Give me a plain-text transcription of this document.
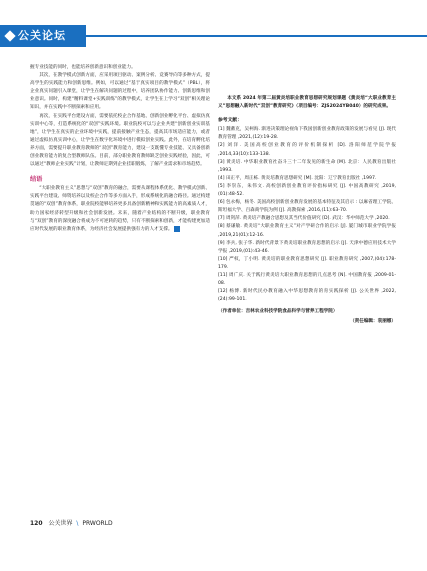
公关论坛

握专业技能的同时，也能培养创新意识和创业能力。

其次，在教学模式创新方面，应采用项目驱动、案例分析、竞赛导向等多种方式，提高学生的实践能力和创新思维。例如，可以通过“基于真实项目的教学模式”（PBL），将企业真实问题引入课堂，让学生在解决问题的过程中，培养团队协作能力、创新思维和创业意识。同时，构建“精料课堂+实践训练”的教学模式，让学生在上学习“双创”相关理论知识，并在实践中不断探索和应用。

再次，在实践平台建设方面，需要依托校企合作基地、创新创业孵化平台、虚拟仿真实训中心等，打造系统化的“双创”实践环境。职业院校可以与企业共建“创新创业实训基地”，让学生在真实的企业环境中实践，提前接触产业生态，提高其市场适应能力，或者通过虚拟仿真实训中心，让学生在数字化环境中进行模拟创业实践。此外，在培育孵化培养方面，需要提升职业教育教师的“双创”教育能力，建设一支既懂专业技能、又具备创新创业教育能力的复合型教师队伍。目前，部分职业教育教师缺乏创业实践经验，因此，可以通过“教师企业实践”计划，让教师定期到企业挂职锻炼，了解产业需求和市场趋势。

结语

“大职业教育主义”思想与“双创”教育的融合，需要从课程体系优化、教学模式创新、实践平台建设、师资培养以及校企合作等多方面入手，形成系统化的融合路径。通过构建贯通的“双创”教育体系，职业院校能够培养更多具备创新精神和实践能力的高素质人才，助力国家经济转型升级和社会创新发展。未来，随着产业结构的不断升级，职业教育与“双创”教育的深度融合将成为不可逆转的趋势，只有不断探索和创新，才能构建更加适应时代发展的职业教育体系，为经济社会发展提供强有力的人才支撑。	■

本文系 2024 年第二届黄炎培职业教育思想研究规划课题《黄炎培“大职业教育主义”思想融入新时代“双创”教育研究》（项目编号：ZJS2024YB040）的研究成果。

参考文献：

[1] 魏蓄克，吴柯海. 渐进决策理论视角下我国创新创业教育政策的发展与看见 [J]. 现代教育管理 ,2021,(12):19-28.

[2] 刘洋. 美国高校创业教育的评价机制探析 [D]. 洛阳师范学院学报 ,2014,33(10):133-138.

[3] 黄炎培. 中华职业教育社奋斗三十二年发见的新生命 [M]. 北京：人民教育出版社 ,1993.

[4] 田正平，周正栋. 黄炎培教育思想研究 [M]. 沈阳：辽宁教育出版社 ,1997.

[5] 李崇东，朱伟文. 高校创新创业教育评价指标研究 [J]. 中国高教研究 ,2019,(01):48-52.

[6] 包永梅，杨冬. 美国高校创新创业教育发展的基本特征及其启示 : 以麻省理工学院、斯坦福大学、百森商学院为例 [J]. 高教探索 ,2016,(11):63-70.

[7] 周剑萍. 黄炎培产教融合思想及其当代价值研究 [D]. 武汉：华中师范大学 ,2020.

[8] 蔡谦敏. 黄炎培“大职业教育主义”对产学研合作的启示 [J]. 厦门城市职业学院学报 ,2019,21(01):12-16.

[9] 李兵, 张子华. 新时代背景下黄炎培职业教育思想的启示 [J]. 天津中德应用技术大学学报 ,2019,(01):43-46.

[10] 严权，丁小明. 黄炎培的职业教育思想研究 [J]. 职业教育研究 ,2007,(04):178-179.

[11] 周广庆. 关于践行黄炎培大职业教育思想的几点思考 [N]. 中国教育报 ,2009-01-08.

[12] 杨博. 新时代民办教育融入中华思想教育的育实践探析 [J]. 公关世界 ,2022,(24):99-101.

（作者单位：吉林农业科技学院食品科学与营养工程学院）
（责任编辑：袁丽娜）
120 公关世界 \ PRWORLD
